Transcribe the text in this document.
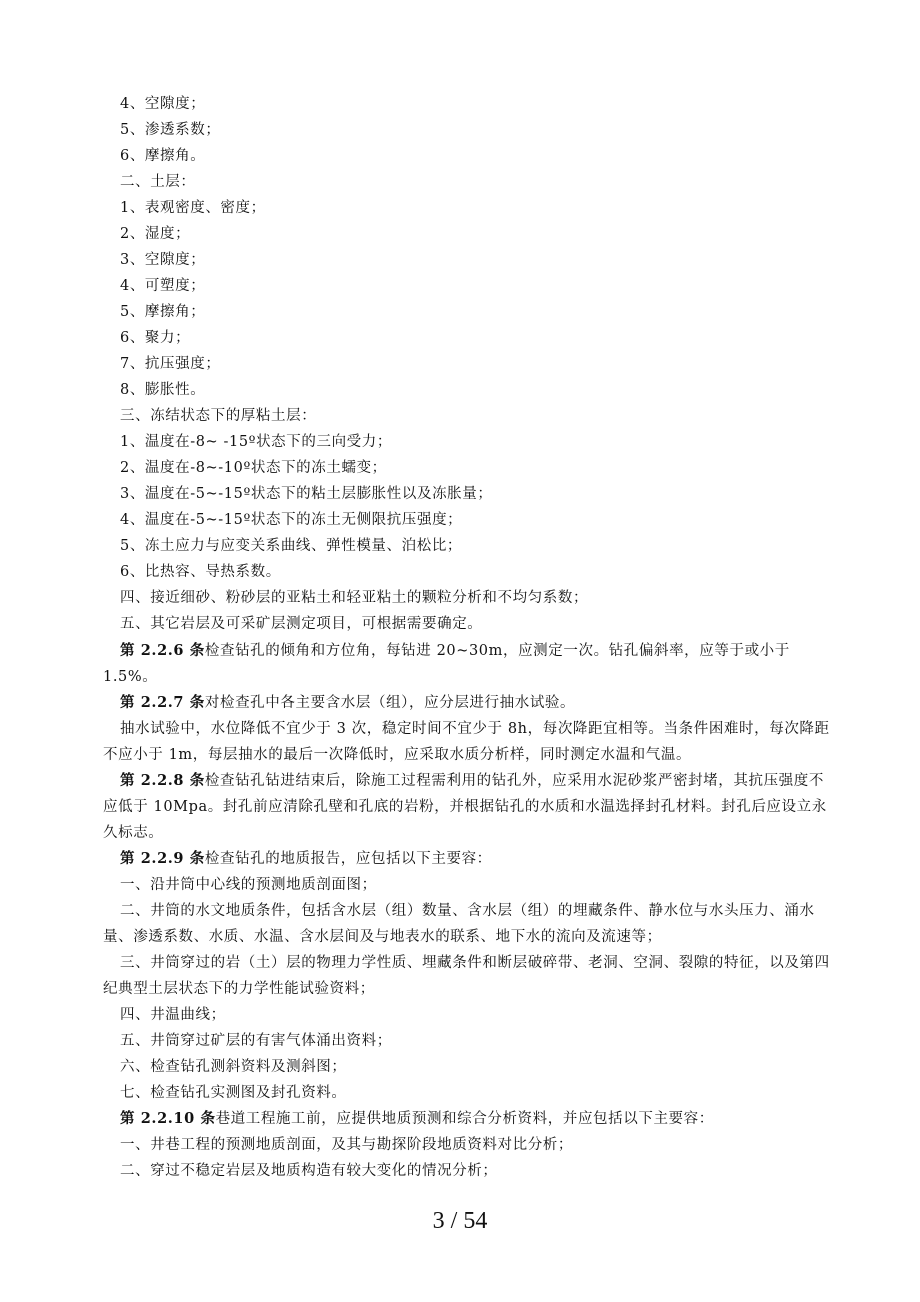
4、空隙度；
5、渗透系数；
6、摩擦角。
二、土层：
1、表观密度、密度；
2、湿度；
3、空隙度；
4、可塑度；
5、摩擦角；
6、聚力；
7、抗压强度；
8、膨胀性。
三、冻结状态下的厚粘土层：
1、温度在-8~ -15º状态下的三向受力；
2、温度在-8~-10º状态下的冻土蠕变；
3、温度在-5~-15º状态下的粘土层膨胀性以及冻胀量；
4、温度在-5~-15º状态下的冻土无侧限抗压强度；
5、冻土应力与应变关系曲线、弹性模量、泊松比；
6、比热容、导热系数。
四、接近细砂、粉砂层的亚粘土和轻亚粘土的颗粒分析和不均匀系数；
五、其它岩层及可采矿层测定项目，可根据需要确定。
第 2.2.6 条检查钻孔的倾角和方位角，每钻进 20~30m，应测定一次。钻孔偏斜率，应等于或小于 1.5%。
第 2.2.7 条对检查孔中各主要含水层（组），应分层进行抽水试验。
抽水试验中，水位降低不宜少于 3 次，稳定时间不宜少于 8h，每次降距宜相等。当条件困难时，每次降距不应小于 1m，每层抽水的最后一次降低时，应采取水质分析样，同时测定水温和气温。
第 2.2.8 条检查钻孔钻进结束后，除施工过程需利用的钻孔外，应采用水泥砂浆严密封堵，其抗压强度不应低于 10Mpa。封孔前应清除孔壁和孔底的岩粉，并根据钻孔的水质和水温选择封孔材料。封孔后应设立永久标志。
第 2.2.9 条检查钻孔的地质报告，应包括以下主要容：
一、沿井筒中心线的预测地质剖面图；
二、井筒的水文地质条件，包括含水层（组）数量、含水层（组）的埋藏条件、静水位与水头压力、涌水量、渗透系数、水质、水温、含水层间及与地表水的联系、地下水的流向及流速等；
三、井筒穿过的岩（土）层的物理力学性质、埋藏条件和断层破碎带、老洞、空洞、裂隙的特征，以及第四纪典型土层状态下的力学性能试验资料；
四、井温曲线；
五、井筒穿过矿层的有害气体涌出资料；
六、检查钻孔测斜资料及测斜图；
七、检查钻孔实测图及封孔资料。
第 2.2.10 条巷道工程施工前，应提供地质预测和综合分析资料，并应包括以下主要容：
一、井巷工程的预测地质剖面，及其与勘探阶段地质资料对比分析；
二、穿过不稳定岩层及地质构造有较大变化的情况分析；
3 / 54
